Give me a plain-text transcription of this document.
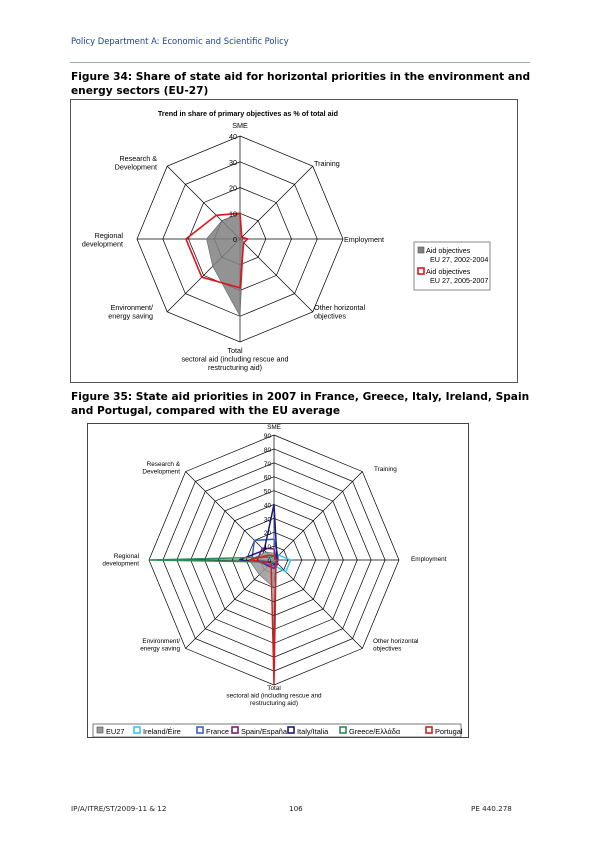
Policy Department A: Economic and Scientific Policy
Figure 34: Share of state aid for horizontal priorities in the environment and energy sectors (EU-27)
SME
Training
Employment
Other horizontal objectives
Total sectoral aid (including rescue and restructuring aid)
Environment/ energy saving
Regional development
Research & Development
0
10
20
30
40
Aid objectives EU 27, 2002-2004
Aid objectives EU 27, 2005-2007
Trend in share of primary objectives as % of total aid
Figure 35: State aid priorities in 2007 in France, Greece, Italy, Ireland, Spain and Portugal, compared with the EU average
SME
Training
Employment
Other horizontal objectives
Total sectoral aid (including rescue and restructuring aid)
Environment/ energy saving
Regional development
Research & Development
0
10
20
30
40
50
60
70
80
90
EU27	Ireland/Éire	France Spain/España Italy/Italia	Greece/Ελλάδα	Portugal
IP/A/ITRE/ST/2009-11 & 12	106	PE 440.278
